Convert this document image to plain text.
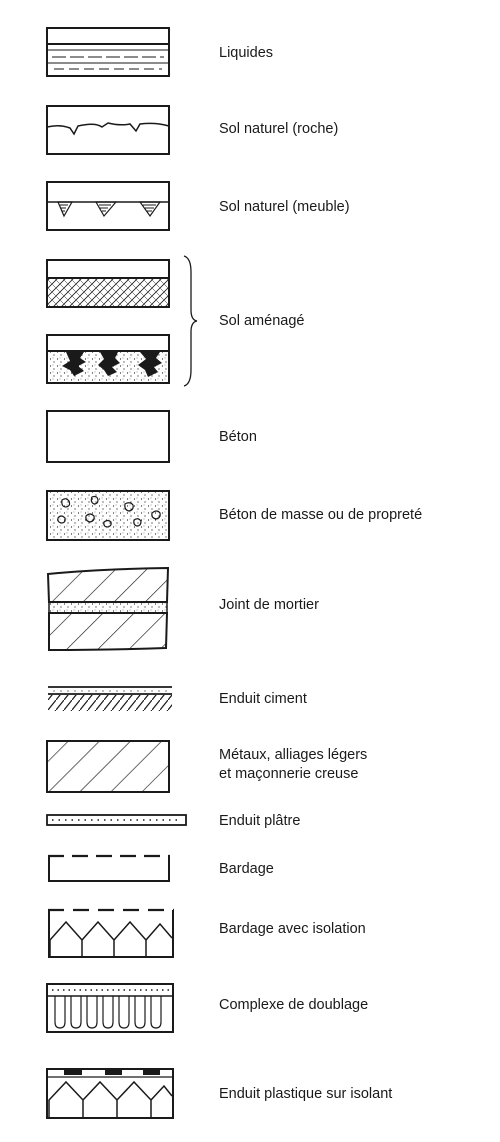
Liquides
Sol naturel (roche)
Sol naturel (meuble)
Sol aménagé
Béton
Béton de masse ou de propreté
Joint de mortier
Enduit ciment
Métaux, alliages légers
et maçonnerie creuse
Enduit plâtre
Bardage
Bardage avec isolation
Complexe de doublage
Enduit plastique sur isolant
